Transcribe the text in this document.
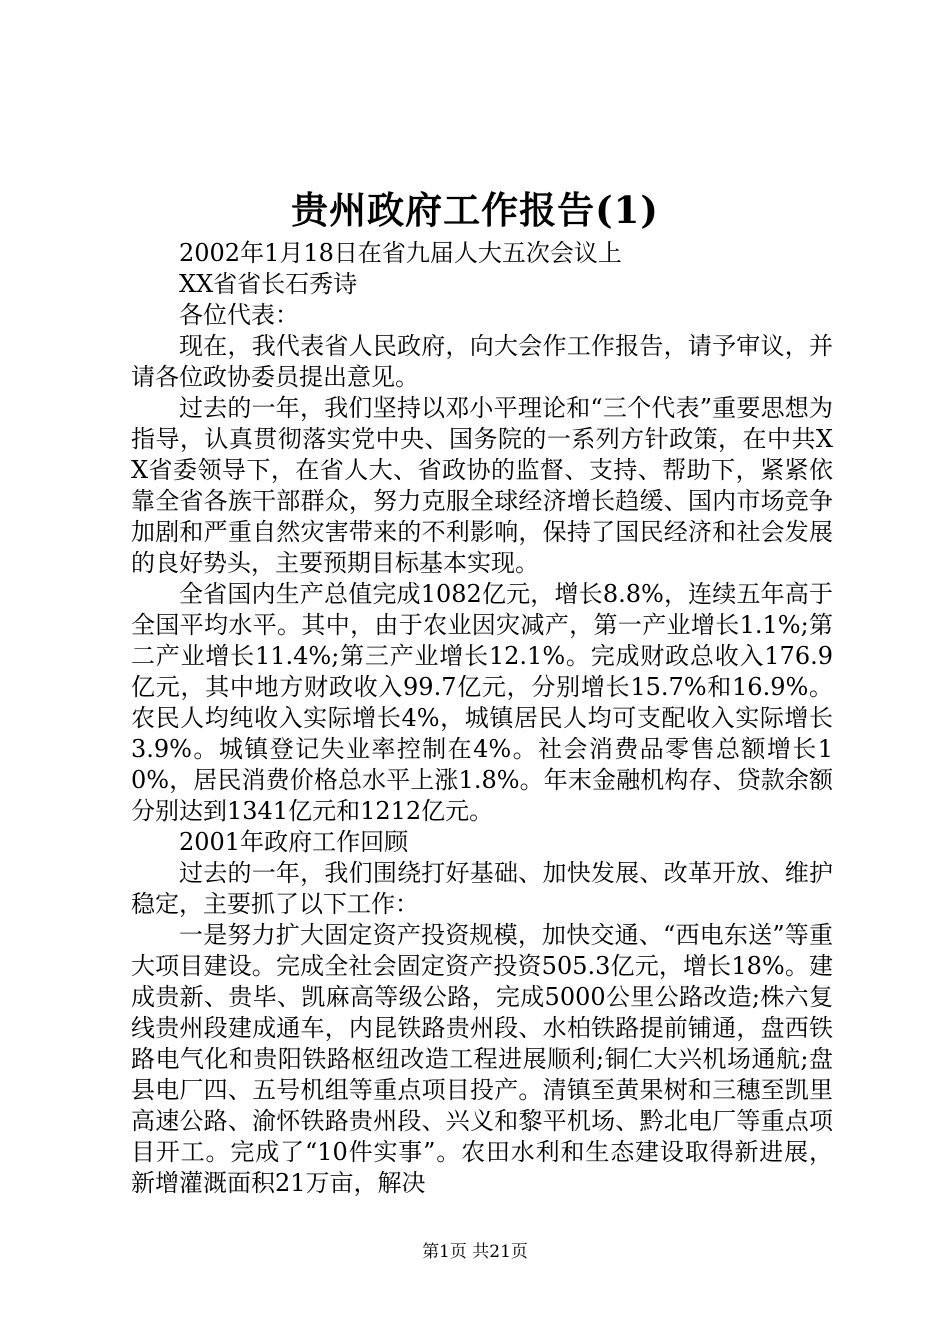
贵州政府工作报告(1)

2002年1月18日在省九届人大五次会议上

XX省省长石秀诗

各位代表：

现在，我代表省人民政府，向大会作工作报告，请予审议，并请各位政协委员提出意见。

过去的一年，我们坚持以邓小平理论和“三个代表”重要思想为指导，认真贯彻落实党中央、国务院的一系列方针政策，在中共XX省委领导下，在省人大、省政协的监督、支持、帮助下，紧紧依靠全省各族干部群众，努力克服全球经济增长趋缓、国内市场竞争加剧和严重自然灾害带来的不利影响，保持了国民经济和社会发展的良好势头，主要预期目标基本实现。

全省国内生产总值完成1082亿元，增长8.8%，连续五年高于全国平均水平。其中，由于农业因灾减产，第一产业增长1.1%;第二产业增长11.4%;第三产业增长12.1%。完成财政总收入176.9亿元，其中地方财政收入99.7亿元，分别增长15.7%和16.9%。农民人均纯收入实际增长4%，城镇居民人均可支配收入实际增长3.9%。城镇登记失业率控制在4%。社会消费品零售总额增长10%，居民消费价格总水平上涨1.8%。年末金融机构存、贷款余额分别达到1341亿元和1212亿元。

2001年政府工作回顾

过去的一年，我们围绕打好基础、加快发展、改革开放、维护稳定，主要抓了以下工作：

一是努力扩大固定资产投资规模，加快交通、“西电东送”等重大项目建设。完成全社会固定资产投资505.3亿元，增长18%。建成贵新、贵毕、凯麻高等级公路，完成5000公里公路改造;株六复线贵州段建成通车，内昆铁路贵州段、水柏铁路提前铺通，盘西铁路电气化和贵阳铁路枢纽改造工程进展顺利;铜仁大兴机场通航;盘县电厂四、五号机组等重点项目投产。清镇至黄果树和三穗至凯里高速公路、渝怀铁路贵州段、兴义和黎平机场、黔北电厂等重点项目开工。完成了“10件实事”。农田水利和生态建设取得新进展，新增灌溉面积21万亩，解决

第1页 共21页
